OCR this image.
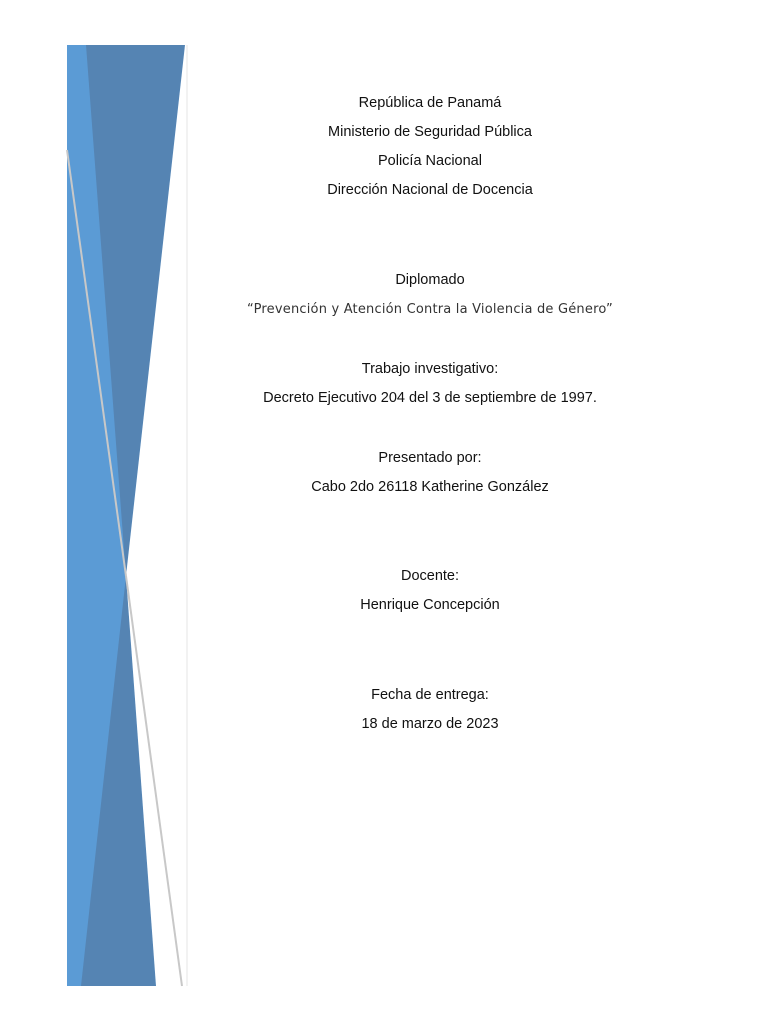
República de Panamá
Ministerio de Seguridad Pública
Policía Nacional
Dirección Nacional de Docencia
Diplomado
“Prevención y Atención Contra la Violencia de Género”
Trabajo investigativo:
Decreto Ejecutivo 204 del 3 de septiembre de 1997.
Presentado por:
Cabo 2do 26118 Katherine González
Docente:
Henrique Concepción
Fecha de entrega:
18 de marzo de 2023
